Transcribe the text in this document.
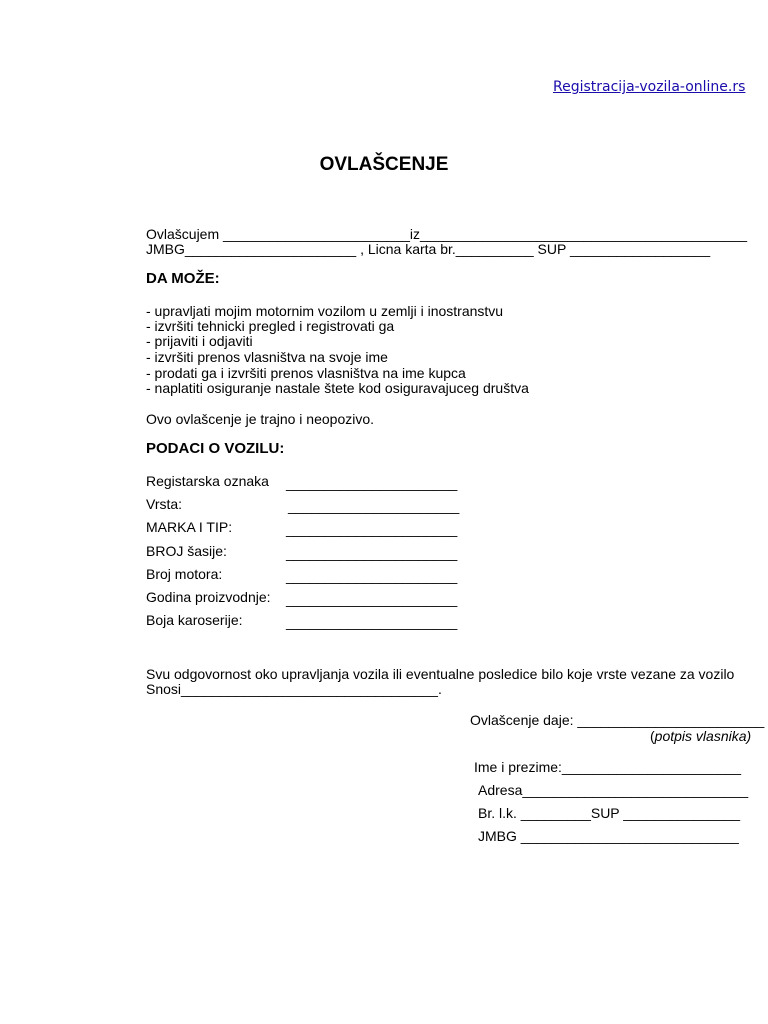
Registracija-vozila-online.rs
OVLAŠCENJE
Ovlašcujem ________________________iz__________________________________________
JMBG______________________ , Licna karta br.__________ SUP __________________
DA MOŽE:
- upravljati mojim motornim vozilom u zemlji i inostranstvu
- izvršiti tehnicki pregled i registrovati ga
- prijaviti i odjaviti
- izvršiti prenos vlasništva na svoje ime
- prodati ga i izvršiti prenos vlasništva na ime kupca
- naplatiti osiguranje nastale štete kod osiguravajuceg društva
Ovo ovlašcenje je trajno i neopozivo.
PODACI O VOZILU:
Registarska oznaka ______________________
Vrsta:	______________________
MARKA I TIP:	______________________
BROJ šasije:	______________________
Broj motora:	______________________
Godina proizvodnje: ______________________
Boja karoserije:	______________________
Svu odgovornost oko upravljanja vozila ili eventualne posledice bilo koje vrste vezane za vozilo
Snosi_________________________________.
Ovlašcenje daje: ________________________
(potpis vlasnika)
Ime i prezime:_______________________
Adresa_____________________________
Br. l.k. _________SUP _______________
JMBG ____________________________
